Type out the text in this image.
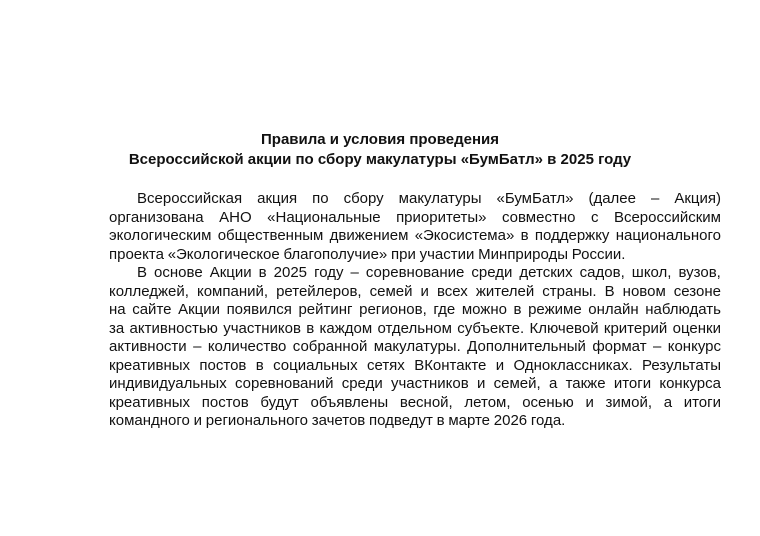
Правила и условия проведения
Всероссийской акции по сбору макулатуры «БумБатл» в 2025 году
Всероссийская акция по сбору макулатуры «БумБатл» (далее – Акция)
организована АНО «Национальные приоритеты» совместно с Всероссийским
экологическим общественным движением «Экосистема» в поддержку национального
проекта «Экологическое благополучие» при участии Минприроды России.
В основе Акции в 2025 году – соревнование среди детских садов, школ, вузов,
колледжей, компаний, ретейлеров, семей и всех жителей страны. В новом сезоне
на сайте Акции появился рейтинг регионов, где можно в режиме онлайн наблюдать
за активностью участников в каждом отдельном субъекте. Ключевой критерий оценки
активности – количество собранной макулатуры. Дополнительный формат – конкурс
креативных постов в социальных сетях ВКонтакте и Одноклассниках. Результаты
индивидуальных соревнований среди участников и семей, а также итоги конкурса
креативных постов будут объявлены весной, летом, осенью и зимой, а итоги
командного и регионального зачетов подведут в марте 2026 года.
